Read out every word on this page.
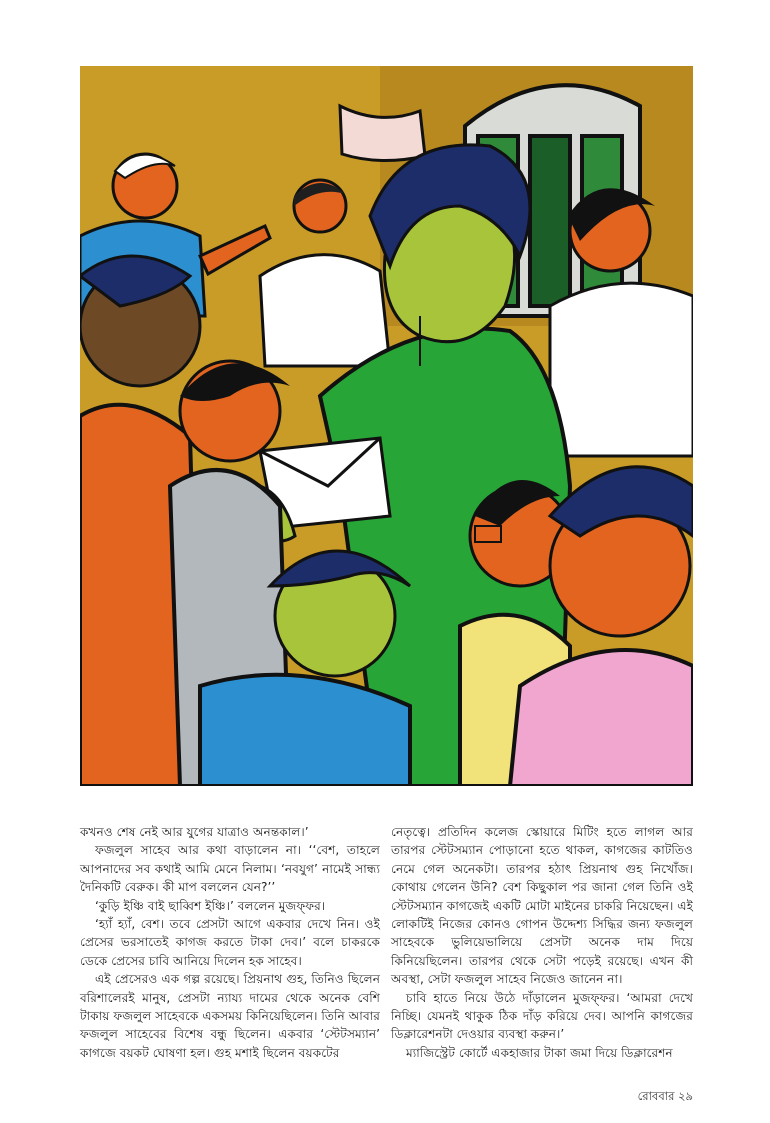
কখনও শেষ নেই আর যুগের যাত্রাও অনন্তকাল।’

ফজলুল সাহেব আর কথা বাড়ালেন না। ‘‘বেশ, তাহলে আপনাদের সব কথাই আমি মেনে নিলাম। ‘নবযুগ’ নামেই সান্ধ্য দৈনিকটি বেরুক। কী মাপ বললেন যেন?’’

‘কুড়ি ইঞ্চি বাই ছাব্বিশ ইঞ্চি।’ বললেন মুজফ্ফর।

‘হ্যাঁ হ্যাঁ, বেশ। তবে প্রেসটা আগে একবার দেখে নিন। ওই প্রেসের ভরসাতেই কাগজ করতে টাকা দেব।’ বলে চাকরকে ডেকে প্রেসের চাবি আনিয়ে দিলেন হক সাহেব।

এই প্রেসেরও এক গল্প রয়েছে। প্রিয়নাথ গুহ, তিনিও ছিলেন বরিশালেরই মানুষ, প্রেসটা ন্যায্য দামের থেকে অনেক বেশি টাকায় ফজলুল সাহেবকে একসময় কিনিয়েছিলেন। তিনি আবার ফজলুল সাহেবের বিশেষ বন্ধু ছিলেন। একবার ‘স্টেটসম্যান’ কাগজে বয়কট ঘোষণা হল। গুহ মশাই ছিলেন বয়কটের

নেতৃত্বে। প্রতিদিন কলেজ স্কোয়ারে মিটিং হতে লাগল আর তারপর স্টেটসম্যান পোড়ানো হতে থাকল, কাগজের কাটতিও নেমে গেল অনেকটা। তারপর হঠাৎ প্রিয়নাথ গুহ নিখোঁজ। কোথায় গেলেন উনি? বেশ কিছুকাল পর জানা গেল তিনি ওই স্টেটসম্যান কাগজেই একটি মোটা মাইনের চাকরি নিয়েছেন। এই লোকটিই নিজের কোনও গোপন উদ্দেশ্য সিদ্ধির জন্য ফজলুল সাহেবকে ভুলিয়েভালিয়ে প্রেসটা অনেক দাম দিয়ে কিনিয়েছিলেন। তারপর থেকে সেটা পড়েই রয়েছে। এখন কী অবস্থা, সেটা ফজলুল সাহেব নিজেও জানেন না।

চাবি হাতে নিয়ে উঠে দাঁড়ালেন মুজফ্ফর। ‘আমরা দেখে নিচ্ছি। যেমনই থাকুক ঠিক দাঁড় করিয়ে দেব। আপনি কাগজের ডিক্লারেশনটা দেওয়ার ব্যবস্থা করুন।’

ম্যাজিস্ট্রেট কোর্টে একহাজার টাকা জমা দিয়ে ডিক্লারেশন

রোববার ২৯
